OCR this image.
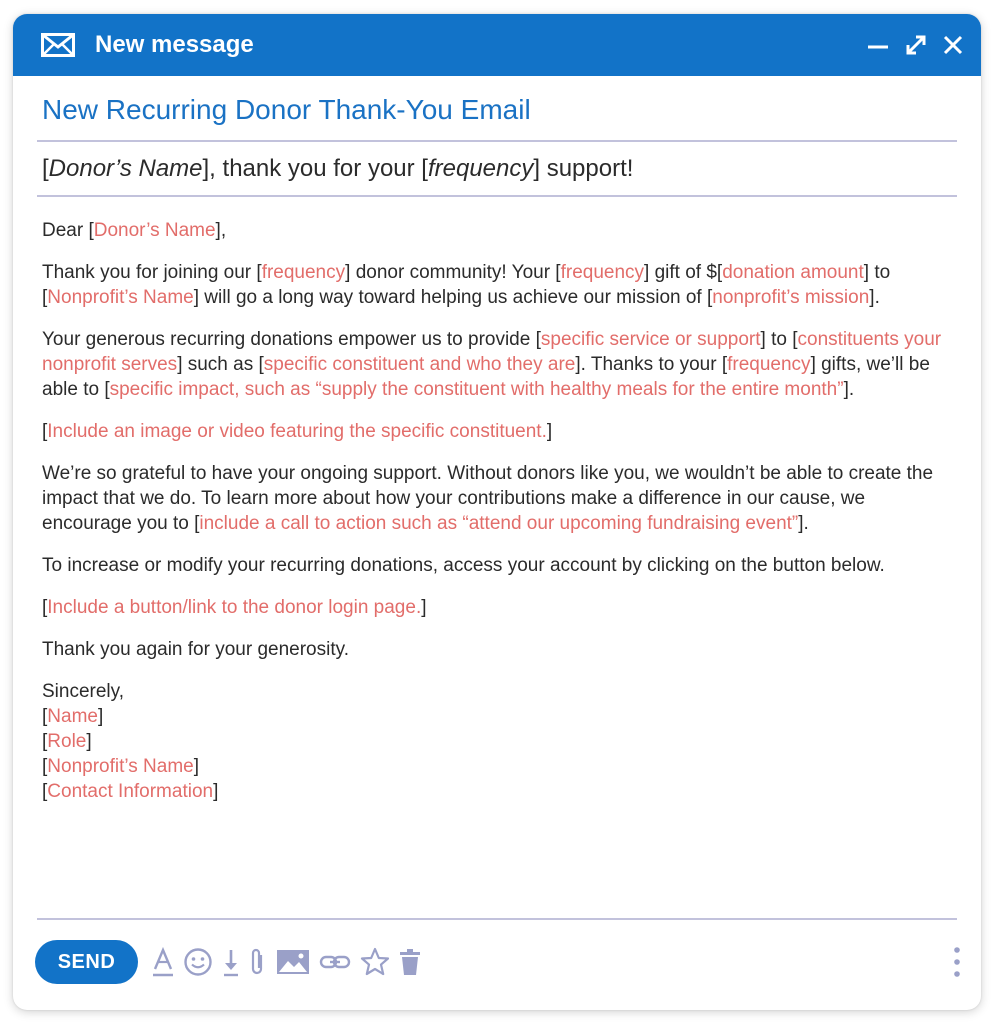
New message
New Recurring Donor Thank-You Email
[Donor’s Name], thank you for your [frequency] support!

Dear [Donor’s Name],

Thank you for joining our [frequency] donor community! Your [frequency] gift of $[donation amount] to [Nonprofit’s Name] will go a long way toward helping us achieve our mission of [nonprofit’s mission].

Your generous recurring donations empower us to provide [specific service or support] to [constituents your nonprofit serves] such as [specific constituent and who they are]. Thanks to your [frequency] gifts, we’ll be able to [specific impact, such as “supply the constituent with healthy meals for the entire month”].

[Include an image or video featuring the specific constituent.]

We’re so grateful to have your ongoing support. Without donors like you, we wouldn’t be able to create the impact that we do. To learn more about how your contributions make a difference in our cause, we encourage you to [include a call to action such as “attend our upcoming fundraising event”].

To increase or modify your recurring donations, access your account by clicking on the button below.

[Include a button/link to the donor login page.]

Thank you again for your generosity.

Sincerely,
[Name]
[Role]
[Nonprofit’s Name]
[Contact Information]

SEND
